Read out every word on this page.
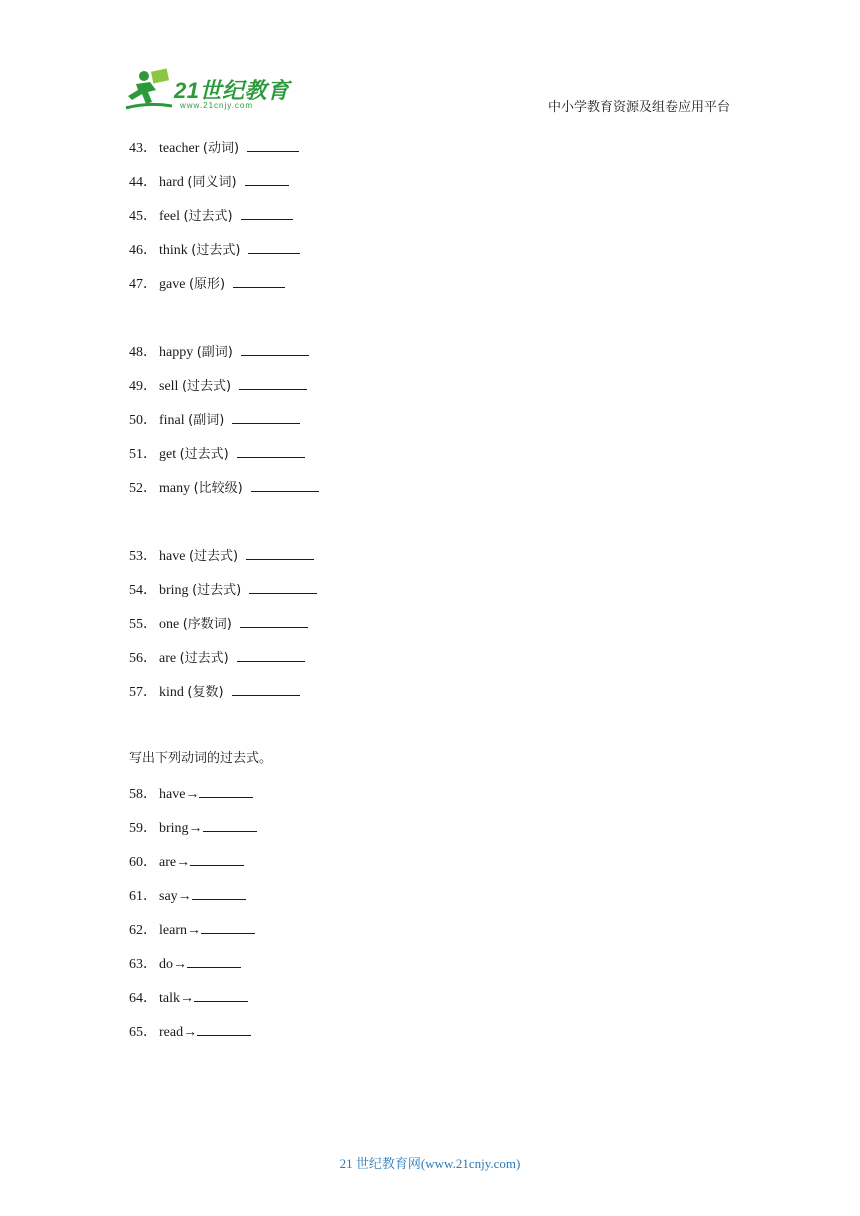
21世纪教育
www.21cnjy.com	中小学教育资源及组卷应用平台
43． teacher (动词)
44． hard (同义词)
45． feel (过去式)
46． think (过去式)
47． gave (原形)
48． happy (副词)
49． sell (过去式)
50． final (副词)
51． get (过去式)
52． many (比较级)
53． have (过去式)
54． bring (过去式)
55． one (序数词)
56． are (过去式)
57． kind (复数)
写出下列动词的过去式。
58． have→
59． bring→
60． are→
61． say→
62． learn→
63． do→
64． talk→
65． read→
21 世纪教育网(www.21cnjy.com)
